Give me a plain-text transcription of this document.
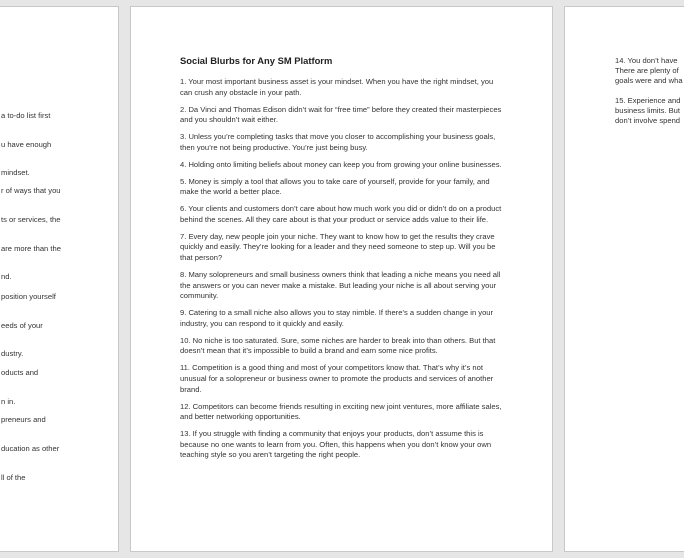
a to-do list first
u have enough
mindset.
r of ways that you
ts or services, the
are more than the
nd.
position yourself
eeds of your
dustry.
oducts and
n in.
preneurs and
ducation as other
ll of the
Social Blurbs for Any SM Platform

1. Your most important business asset is your mindset. When you have the right mindset, you can crush any obstacle in your path.

2. Da Vinci and Thomas Edison didn’t wait for “free time” before they created their masterpieces and you shouldn’t wait either.

3. Unless you’re completing tasks that move you closer to accomplishing your business goals, then you’re not being productive. You’re just being busy.

4. Holding onto limiting beliefs about money can keep you from growing your online businesses.

5. Money is simply a tool that allows you to take care of yourself, provide for your family, and make the world a better place.

6. Your clients and customers don’t care about how much work you did or didn’t do on a product behind the scenes. All they care about is that your product or service adds value to their life.

7. Every day, new people join your niche. They want to know how to get the results they crave quickly and easily. They’re looking for a leader and they need someone to step up. Will you be that person?

8. Many solopreneurs and small business owners think that leading a niche means you need all the answers or you can never make a mistake. But leading your niche is all about serving your community.

9. Catering to a small niche also allows you to stay nimble. If there’s a sudden change in your industry, you can respond to it quickly and easily.

10. No niche is too saturated. Sure, some niches are harder to break into than others. But that doesn’t mean that it’s impossible to build a brand and earn some nice profits.

11. Competition is a good thing and most of your competitors know that. That’s why it’s not unusual for a solopreneur or business owner to promote the products and services of another brand.

12. Competitors can become friends resulting in exciting new joint ventures, more affiliate sales, and better networking opportunities.

13. If you struggle with finding a community that enjoys your products, don’t assume this is because no one wants to learn from you. Often, this happens when you don’t know your own teaching style so you aren’t targeting the right people.

14. You don’t have
There are plenty of
goals were and wha

15. Experience and
business limits. But
don’t involve spend
